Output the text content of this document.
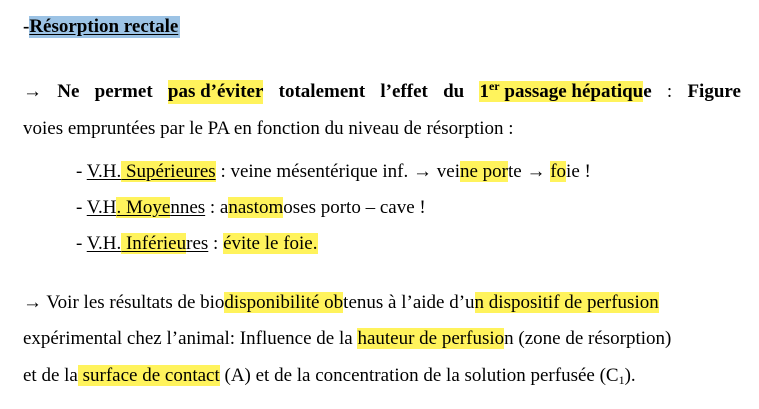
-Résorption rectale
→ Ne permet pas d’éviter totalement l’effet du 1er passage hépatique : Figure
voies empruntées par le PA en fonction du niveau de résorption :
- V.H. Supérieures : veine mésentérique inf. → veine porte → foie !
- V.H. Moyennes : anastomoses porto – cave !
- V.H. Inférieures : évite le foie.
→ Voir les résultats de biodisponibilité obtenus à l’aide d’un dispositif de perfusion
expérimental chez l’animal: Influence de la hauteur de perfusion (zone de résorption)
et de la surface de contact (A) et de la concentration de la solution perfusée $(C_1)$.
